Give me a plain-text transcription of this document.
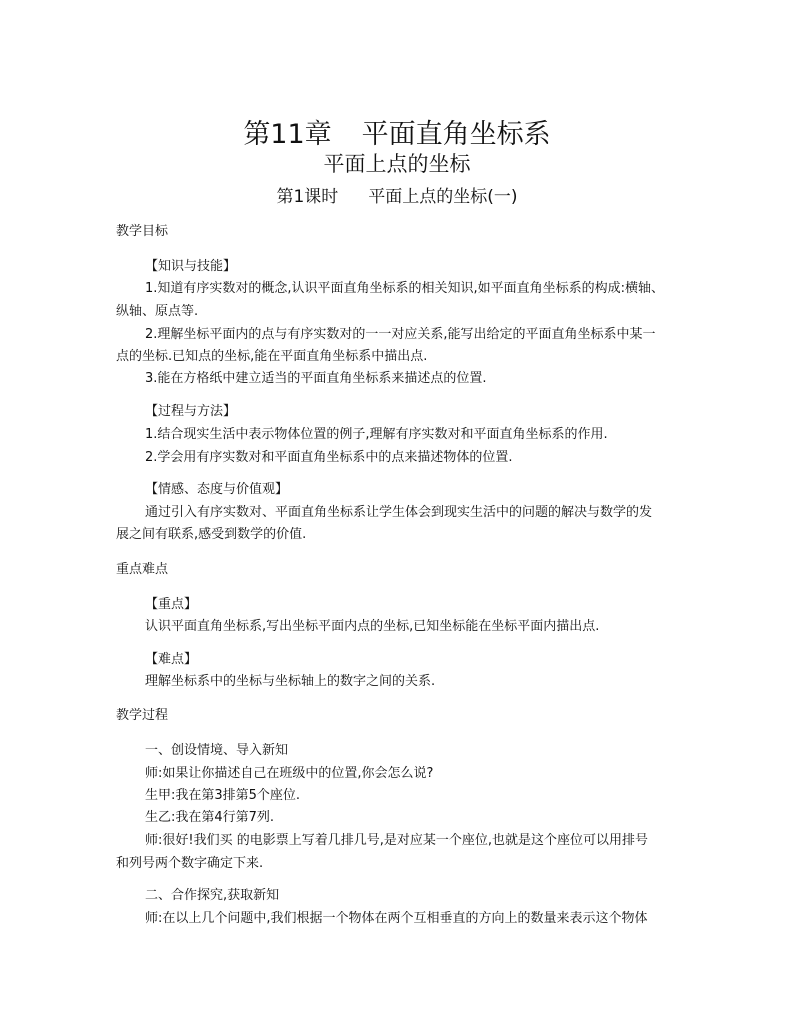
第11章 平面直角坐标系
平面上点的坐标
第1课时 平面上点的坐标(一)
教学目标
【知识与技能】
1.知道有序实数对的概念,认识平面直角坐标系的相关知识,如平面直角坐标系的构成:横轴、
纵轴、原点等.
2.理解坐标平面内的点与有序实数对的一一对应关系,能写出给定的平面直角坐标系中某一
点的坐标.已知点的坐标,能在平面直角坐标系中描出点.
3.能在方格纸中建立适当的平面直角坐标系来描述点的位置.
【过程与方法】
1.结合现实生活中表示物体位置的例子,理解有序实数对和平面直角坐标系的作用.
2.学会用有序实数对和平面直角坐标系中的点来描述物体的位置.
【情感、态度与价值观】
通过引入有序实数对、平面直角坐标系让学生体会到现实生活中的问题的解决与数学的发
展之间有联系,感受到数学的价值.
重点难点
【重点】
认识平面直角坐标系,写出坐标平面内点的坐标,已知坐标能在坐标平面内描出点.
【难点】
理解坐标系中的坐标与坐标轴上的数字之间的关系.
教学过程
一、创设情境、导入新知
师:如果让你描述自己在班级中的位置,你会怎么说?
生甲:我在第3排第5个座位.
生乙:我在第4行第7列.
师:很好!我们买 的电影票上写着几排几号,是对应某一个座位,也就是这个座位可以用排号
和列号两个数字确定下来.
二、合作探究,获取新知
师:在以上几个问题中,我们根据一个物体在两个互相垂直的方向上的数量来表示这个物体
